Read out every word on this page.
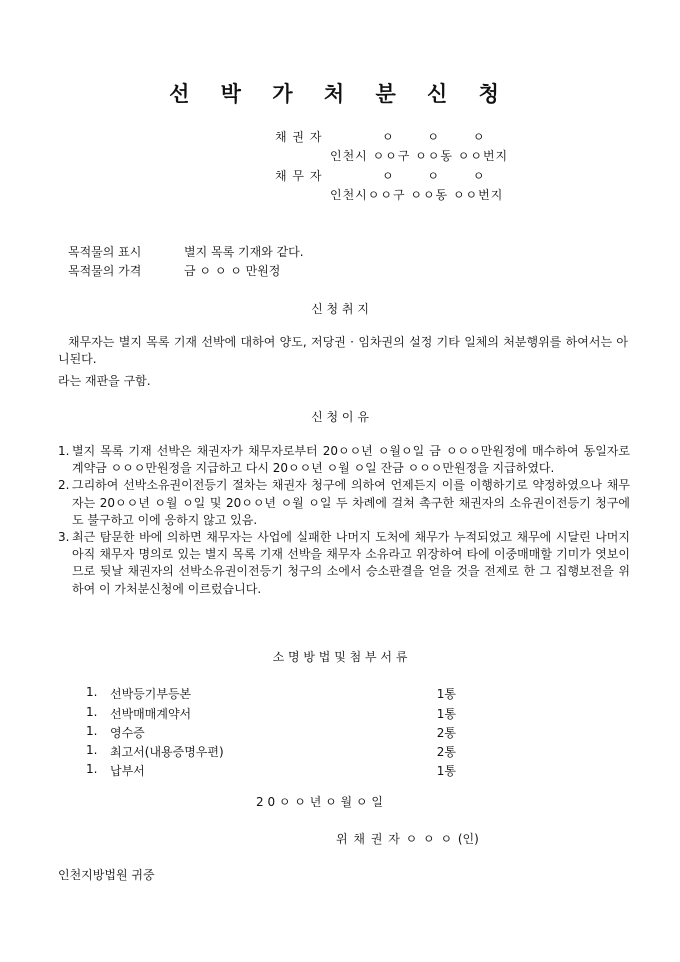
선 박 가 처 분 신 청
채 권 자	ㅇ ㅇ ㅇ
인천시 ㅇㅇ구 ㅇㅇ동 ㅇㅇ번지
채 무 자	ㅇ ㅇ ㅇ
인천시ㅇㅇ구 ㅇㅇ동 ㅇㅇ번지
목적물의 표시	별지 목록 기재와 같다.
목적물의 가격	금 ㅇ ㅇ ㅇ 만원정
신 청 취 지
채무자는 별지 목록 기재 선박에 대하여 양도, 저당권 · 임차권의 설정 기타 일체의 처분행위를 하여서는 아니된다.
라는 재판을 구함.
신 청 이 유
1. 별지 목록 기재 선박은 채권자가 채무자로부터 20ㅇㅇ년 ㅇ월ㅇ일 금 ㅇㅇㅇ만원정에 매수하여 동일자로 계약금 ㅇㅇㅇ만원정을 지급하고 다시 20ㅇㅇ년 ㅇ월 ㅇ일 잔금 ㅇㅇㅇ만원정을 지급하였다.
2. 그리하여 선박소유권이전등기 절차는 채권자 청구에 의하여 언제든지 이를 이행하기로 약정하였으나 채무자는 20ㅇㅇ년 ㅇ월 ㅇ일 및 20ㅇㅇ년 ㅇ월 ㅇ일 두 차례에 걸쳐 촉구한 채권자의 소유권이전등기 청구에도 불구하고 이에 응하지 않고 있음.
3. 최근 탐문한 바에 의하면 채무자는 사업에 실패한 나머지 도처에 채무가 누적되었고 채무에 시달린 나머지 아직 채무자 명의로 있는 별지 목록 기재 선박을 채무자 소유라고 위장하여 타에 이중매매할 기미가 엿보이므로 뒷날 채권자의 선박소유권이전등기 청구의 소에서 승소판결을 얻을 것을 전제로 한 그 집행보전을 위하여 이 가처분신청에 이르렀습니다.
소 명 방 법 및 첨 부 서 류
1. 선박등기부등본	1통
1. 선박매매계약서	1통
1. 영수증	2통
1. 최고서(내용증명우편)	2통
1. 납부서	1통
2 0 ㅇ ㅇ 년 ㅇ 월 ㅇ 일
위 채 권 자 ㅇ ㅇ ㅇ (인)
인천지방법원 귀중
